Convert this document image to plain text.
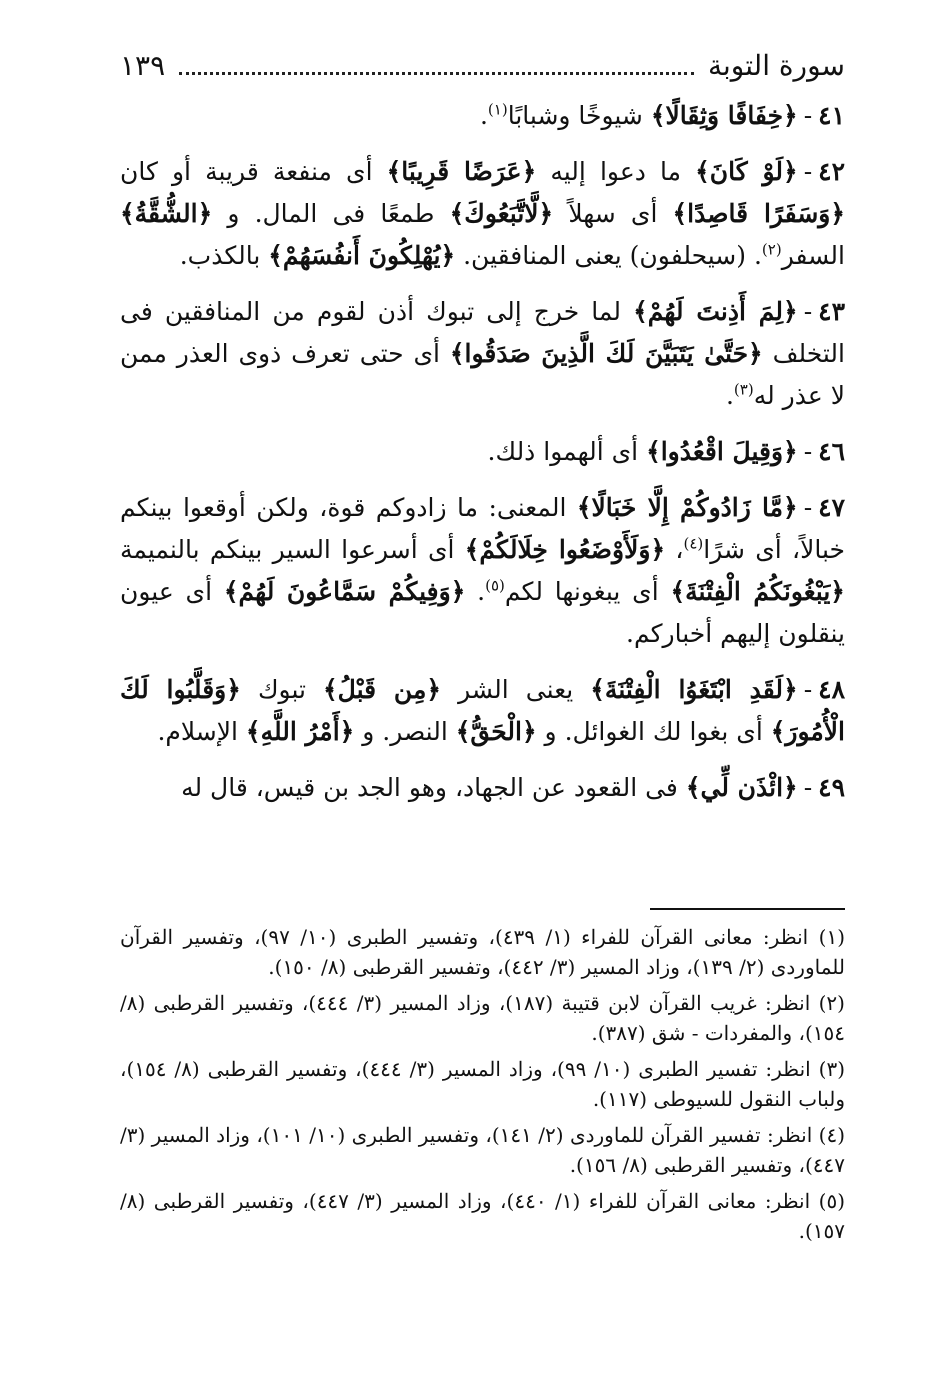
سورة التوبة
١٣٩
٤١-﴿خِفَافًا وَثِقَالًا﴾ شيوخًا وشبابًا$^{(١)}$.
٤٢-﴿لَوْ كَانَ﴾ ما دعوا إليه ﴿عَرَضًا قَرِيبًا﴾ أى منفعة قريبة أو كان ﴿وَسَفَرًا قَاصِدًا﴾ أى سهلاً ﴿لَّاتَّبَعُوكَ﴾ طمعًا فى المال. و ﴿الشُّقَّةُ﴾ السفر$^{(٢)}$. (سيحلفون) يعنى المنافقين. ﴿يُهْلِكُونَ أَنفُسَهُمْ﴾ بالكذب.
٤٣-﴿لِمَ أَذِنتَ لَهُمْ﴾ لما خرج إلى تبوك أذن لقوم من المنافقين فى التخلف ﴿حَتَّىٰ يَتَبَيَّنَ لَكَ الَّذِينَ صَدَقُوا﴾ أى حتى تعرف ذوى العذر ممن لا عذر له$^{(٣)}$.
٤٦-﴿وَقِيلَ اقْعُدُوا﴾ أى ألهموا ذلك.
٤٧-﴿مَّا زَادُوكُمْ إِلَّا خَبَالًا﴾ المعنى: ما زادوكم قوة، ولكن أوقعوا بينكم خبالاً، أى شرًا$^{(٤)}$، ﴿وَلَأَوْضَعُوا خِلَالَكُمْ﴾ أى أسرعوا السير بينكم بالنميمة ﴿يَبْغُونَكُمُ الْفِتْنَةَ﴾ أى يبغونها لكم$^{(٥)}$. ﴿وَفِيكُمْ سَمَّاعُونَ لَهُمْ﴾ أى عيون ينقلون إليهم أخباركم.
٤٨-﴿لَقَدِ ابْتَغَوُا الْفِتْنَةَ﴾ يعنى الشر ﴿مِن قَبْلُ﴾ تبوك ﴿وَقَلَّبُوا لَكَ الْأُمُورَ﴾ أى بغوا لك الغوائل. و ﴿الْحَقُّ﴾ النصر. و ﴿أَمْرُ اللَّهِ﴾ الإسلام.
٤٩-﴿ائْذَن لِّي﴾ فى القعود عن الجهاد، وهو الجد بن قيس، قال له
(١) انظر: معانى القرآن للفراء (١/ ٤٣٩)، وتفسير الطبرى (١٠/ ٩٧)، وتفسير القرآن للماوردى (٢/ ١٣٩)، وزاد المسير (٣/ ٤٤٢)، وتفسير القرطبى (٨/ ١٥٠).
(٢) انظر: غريب القرآن لابن قتيبة (١٨٧)، وزاد المسير (٣/ ٤٤٤)، وتفسير القرطبى (٨/ ١٥٤)، والمفردات - شق (٣٨٧).
(٣) انظر: تفسير الطبرى (١٠/ ٩٩)، وزاد المسير (٣/ ٤٤٤)، وتفسير القرطبى (٨/ ١٥٤)، ولباب النقول للسيوطى (١١٧).
(٤) انظر: تفسير القرآن للماوردى (٢/ ١٤١)، وتفسير الطبرى (١٠/ ١٠١)، وزاد المسير (٣/ ٤٤٧)، وتفسير القرطبى (٨/ ١٥٦).
(٥) انظر: معانى القرآن للفراء (١/ ٤٤٠)، وزاد المسير (٣/ ٤٤٧)، وتفسير القرطبى (٨/ ١٥٧).
